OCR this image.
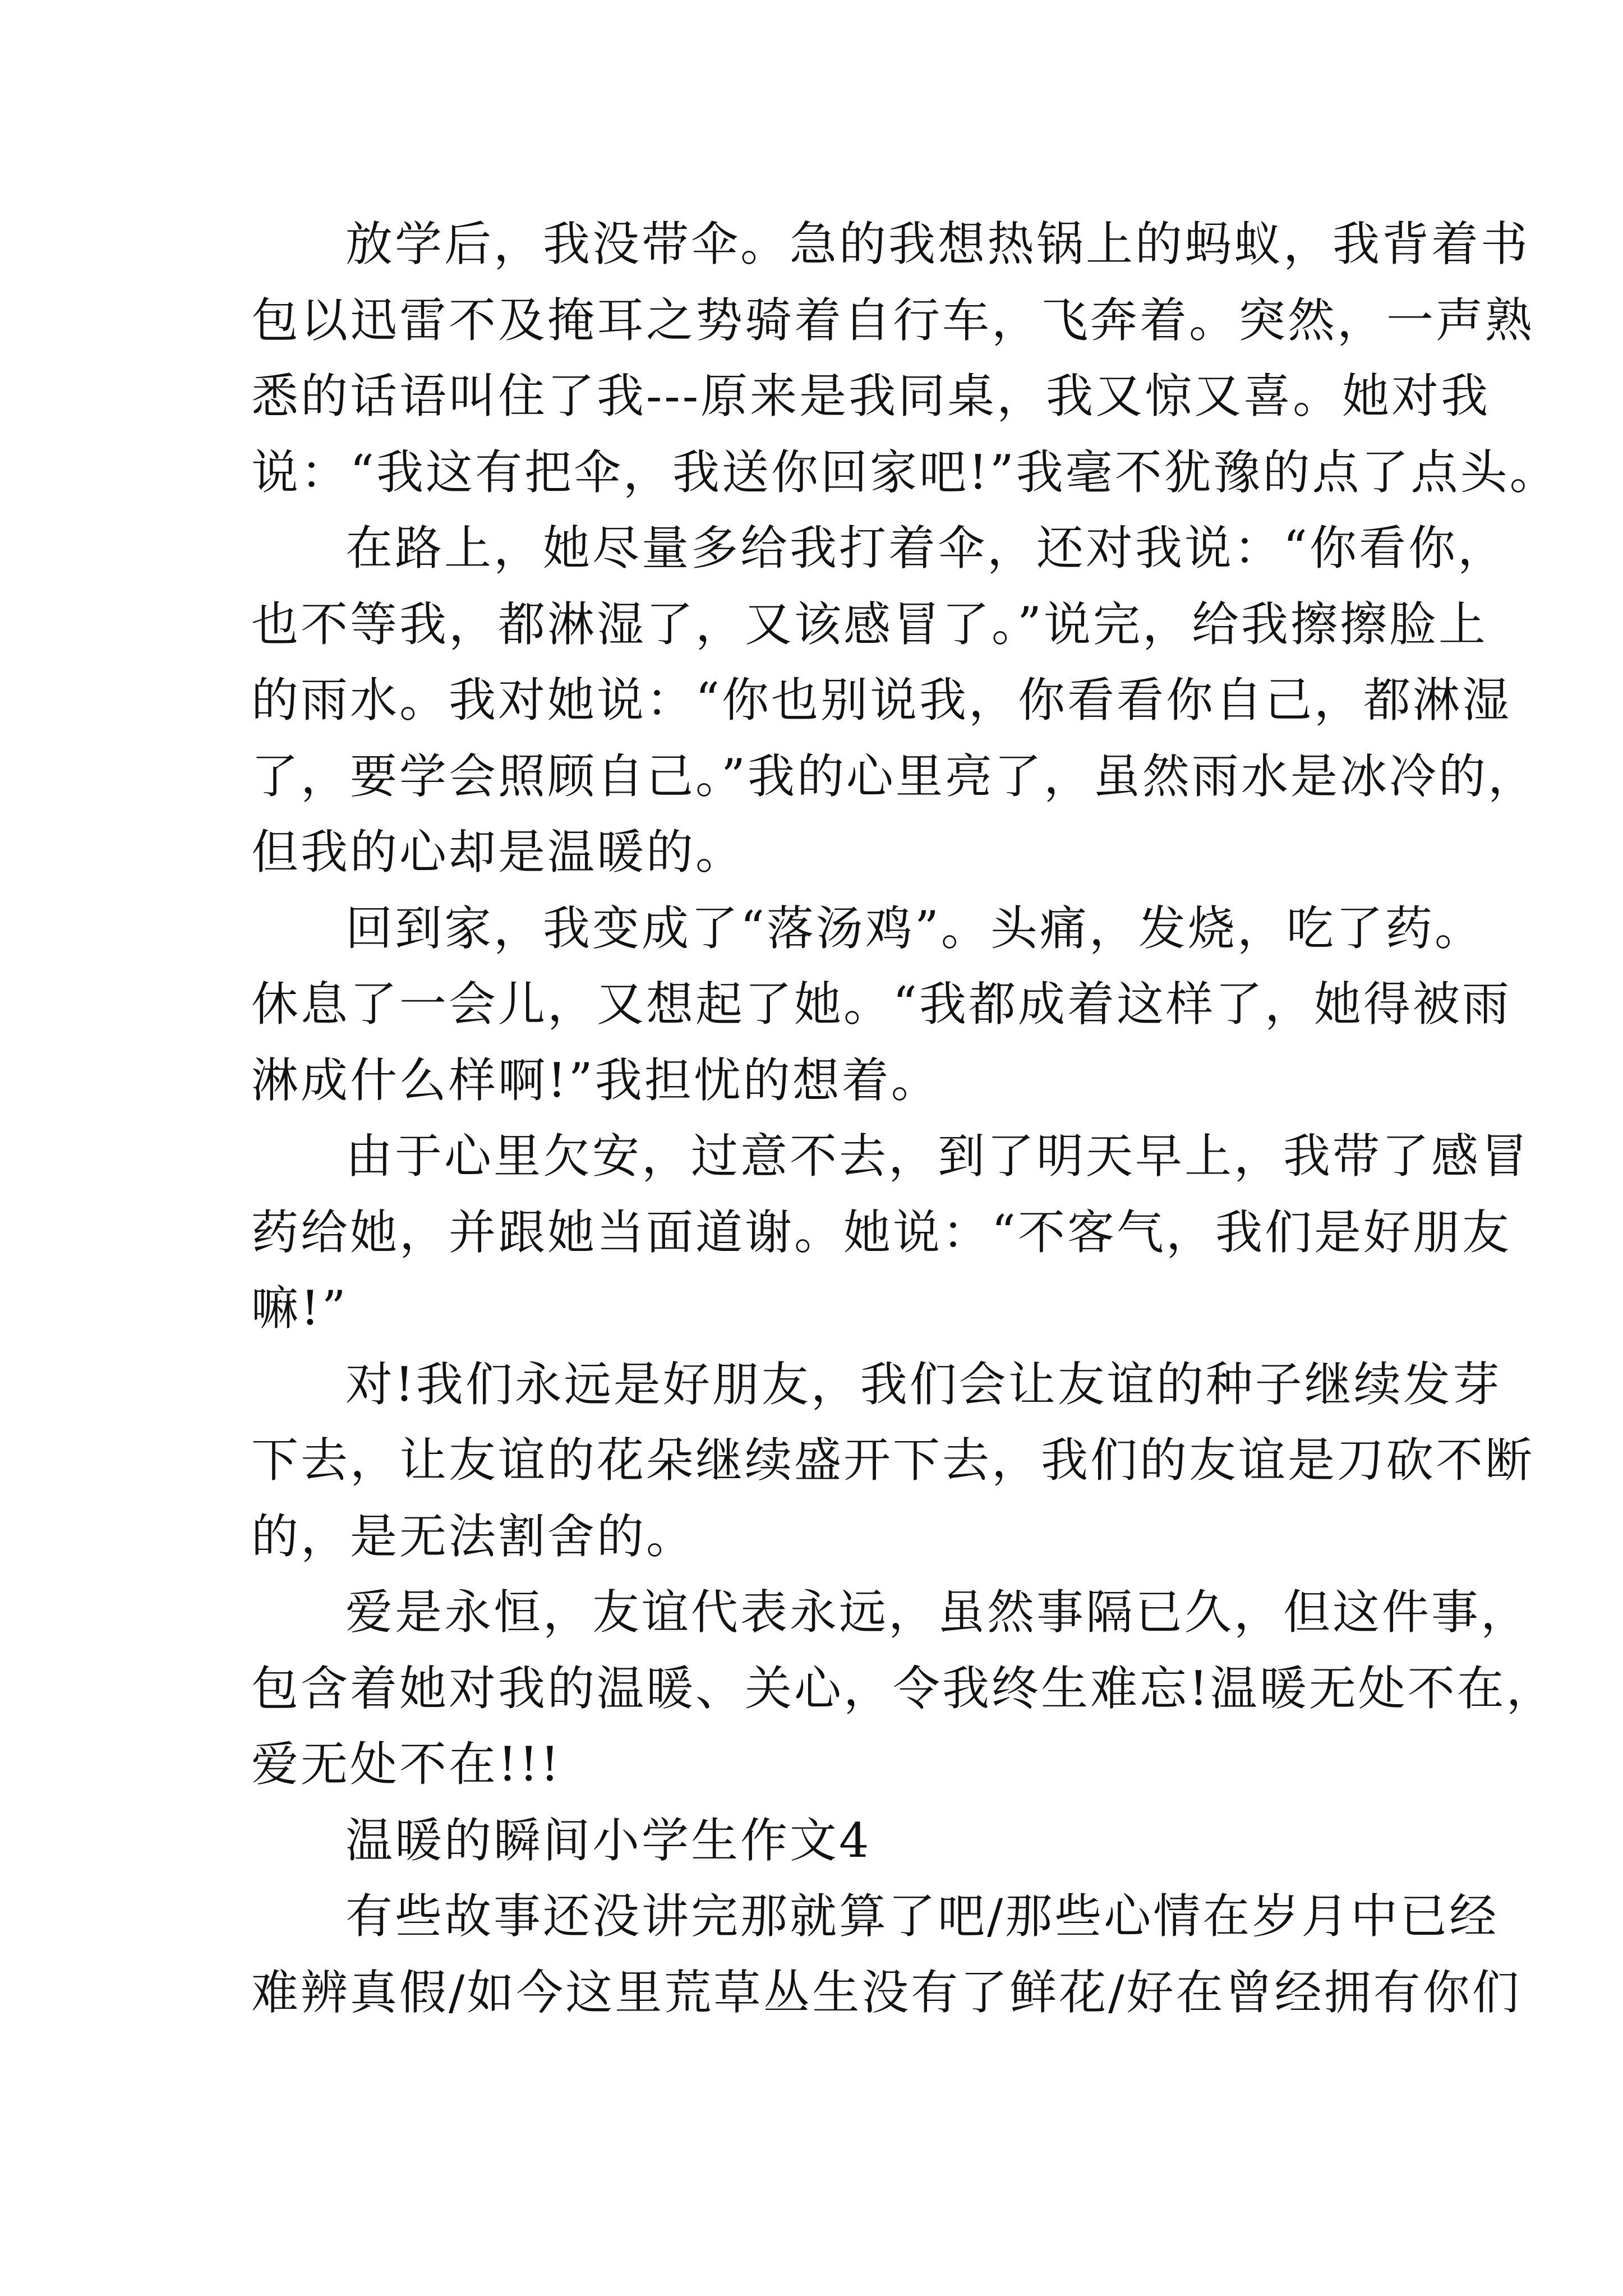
放学后，我没带伞。急的我想热锅上的蚂蚁，我背着书
包以迅雷不及掩耳之势骑着自行车，飞奔着。突然，一声熟
悉的话语叫住了我---原来是我同桌，我又惊又喜。她对我
说：“我这有把伞，我送你回家吧!”我毫不犹豫的点了点头。
在路上，她尽量多给我打着伞，还对我说：“你看你，
也不等我，都淋湿了，又该感冒了。”说完，给我擦擦脸上
的雨水。我对她说：“你也别说我，你看看你自己，都淋湿
了，要学会照顾自己。”我的心里亮了，虽然雨水是冰冷的，
但我的心却是温暖的。
回到家，我变成了“落汤鸡”。头痛，发烧，吃了药。
休息了一会儿，又想起了她。“我都成着这样了，她得被雨
淋成什么样啊!”我担忧的想着。
由于心里欠安，过意不去，到了明天早上，我带了感冒
药给她，并跟她当面道谢。她说：“不客气，我们是好朋友
嘛!”
对!我们永远是好朋友，我们会让友谊的种子继续发芽
下去，让友谊的花朵继续盛开下去，我们的友谊是刀砍不断
的，是无法割舍的。
爱是永恒，友谊代表永远，虽然事隔已久，但这件事，
包含着她对我的温暖、关心，令我终生难忘!温暖无处不在，
爱无处不在!!!
温暖的瞬间小学生作文4
有些故事还没讲完那就算了吧/那些心情在岁月中已经
难辨真假/如今这里荒草丛生没有了鲜花/好在曾经拥有你们
